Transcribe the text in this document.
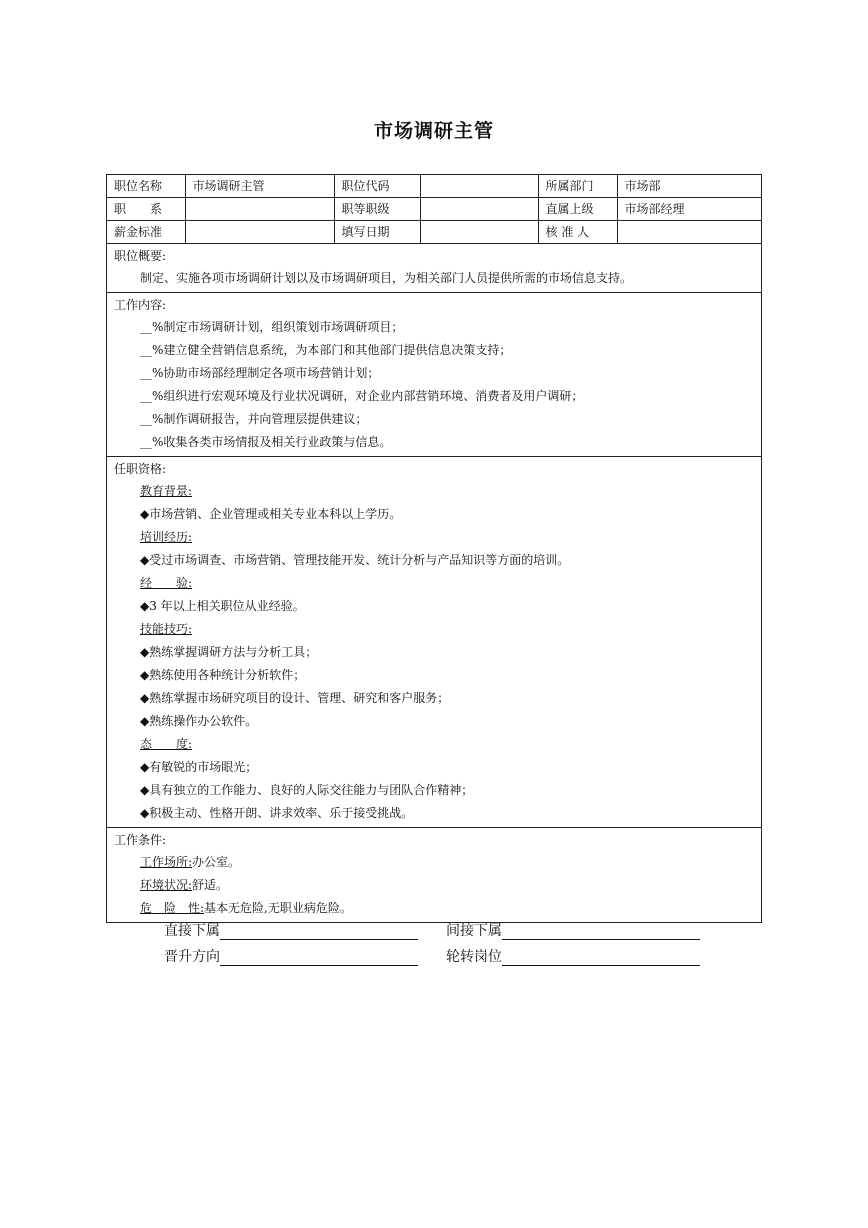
市场调研主管
职位名称	市场调研主管	职位代码		所属部门	市场部
职　　系		职等职级		直属上级	市场部经理
薪金标准		填写日期		核 准 人	
职位概要:
制定、实施各项市场调研计划以及市场调研项目，为相关部门人员提供所需的市场信息支持。
工作内容:
__%制定市场调研计划，组织策划市场调研项目；
__%建立健全营销信息系统，为本部门和其他部门提供信息决策支持；
__%协助市场部经理制定各项市场营销计划；
__%组织进行宏观环境及行业状况调研，对企业内部营销环境、消费者及用户调研；
__%制作调研报告，并向管理层提供建议；
__%收集各类市场情报及相关行业政策与信息。
任职资格:
教育背景:
◆市场营销、企业管理或相关专业本科以上学历。
培训经历:
◆受过市场调查、市场营销、管理技能开发、统计分析与产品知识等方面的培训。
经　　验:
◆3 年以上相关职位从业经验。
技能技巧:
◆熟练掌握调研方法与分析工具；
◆熟练使用各种统计分析软件；
◆熟练掌握市场研究项目的设计、管理、研究和客户服务；
◆熟练操作办公软件。
态　　度:
◆有敏锐的市场眼光；
◆具有独立的工作能力、良好的人际交往能力与团队合作精神；
◆积极主动、性格开朗、讲求效率、乐于接受挑战。
工作条件:
工作场所:办公室。
环境状况:舒适。
危　险　性:基本无危险,无职业病危险。
直接下属	间接下属
晋升方向	轮转岗位
